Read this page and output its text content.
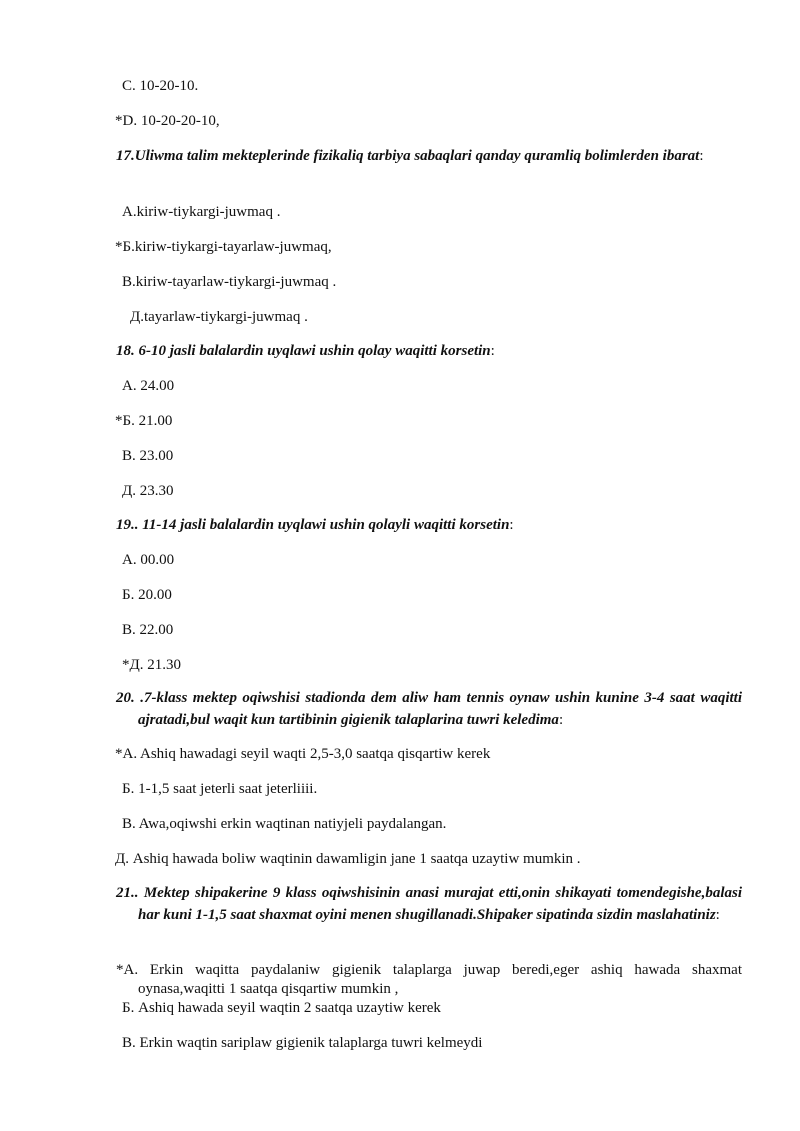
C. 10-20-10.
*D. 10-20-20-10,
17.Uliwma talim mekteplerinde fizikaliq tarbiya sabaqlari qanday quramliq bolimlerden ibarat:
A.kiriw-tiykargi-juwmaq .
*Б.kiriw-tiykargi-tayarlaw-juwmaq,
B.kiriw-tayarlaw-tiykargi-juwmaq .
Д.tayarlaw-tiykargi-juwmaq .
18. 6-10 jasli balalardin uyqlawi ushin qolay waqitti korsetin:
A. 24.00
*Б. 21.00
B. 23.00
Д. 23.30
19.. 11-14 jasli balalardin uyqlawi ushin qolayli waqitti korsetin:
A. 00.00
Б. 20.00
B. 22.00
*Д. 21.30
20. .7-klass mektep oqiwshisi stadionda dem aliw ham tennis oynaw ushin kunine 3-4 saat waqitti ajratadi,bul waqit kun tartibinin gigienik talaplarina tuwri keledima:
*A. Ashiq hawadagi seyil waqti 2,5-3,0 saatqa qisqartiw kerek
Б. 1-1,5 saat jeterli saat jeterliiii.
B. Awa,oqiwshi erkin waqtinan natiyjeli paydalangan.
Д. Ashiq hawada boliw waqtinin dawamligin jane 1 saatqa uzaytiw mumkin .
21.. Mektep shipakerine 9 klass oqiwshisinin anasi murajat etti,onin shikayati tomendegishe,balasi har kuni 1-1,5 saat shaxmat oyini menen shugillanadi.Shipaker sipatinda sizdin maslahatiniz:
*A. Erkin waqitta paydalaniw gigienik talaplarga juwap beredi,eger ashiq hawada shaxmat oynasa,waqitti 1 saatqa qisqartiw mumkin ,
Б. Ashiq hawada seyil waqtin 2 saatqa uzaytiw kerek
B. Erkin waqtin sariplaw gigienik talaplarga tuwri kelmeydi
